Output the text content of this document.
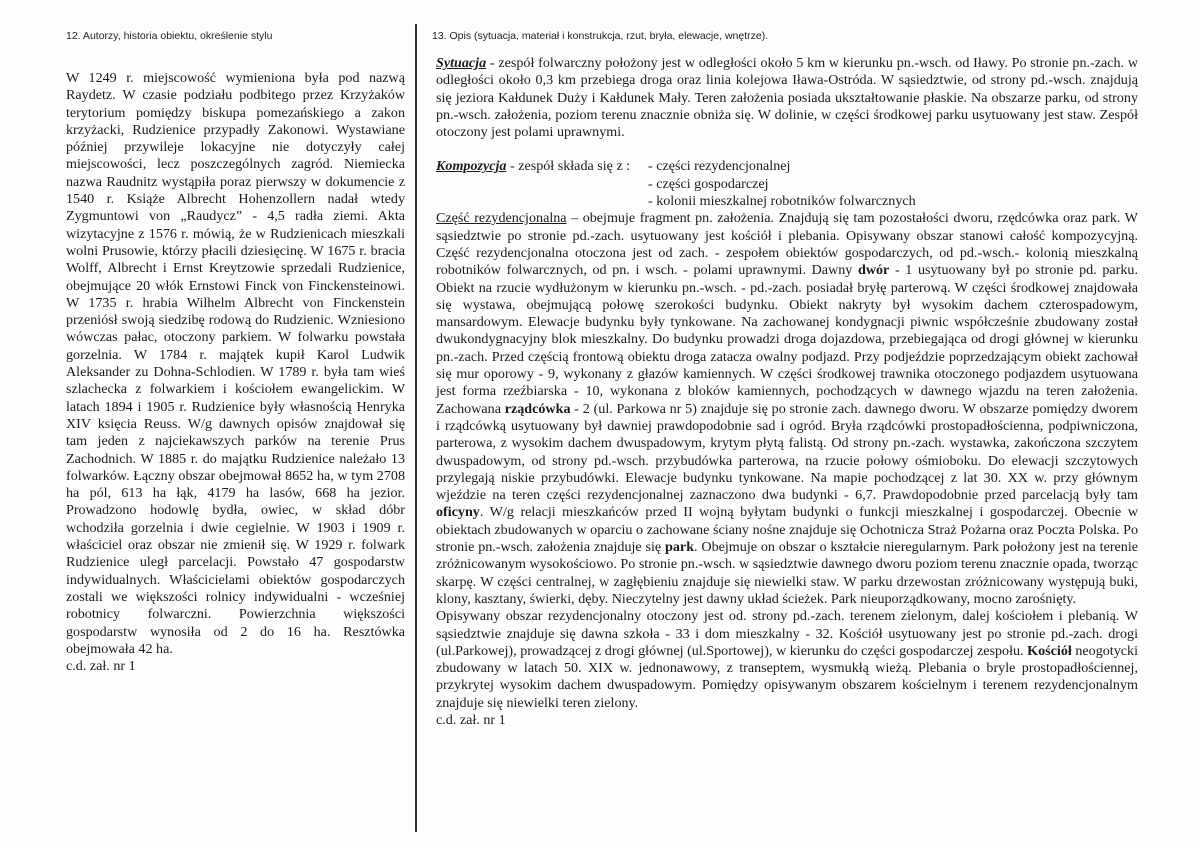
12. Autorzy, historia obiektu, określenie stylu	13. Opis (sytuacja, materiał i konstrukcja, rzut, bryła, elewacje, wnętrze).

W 1249 r. miejscowość wymieniona była pod nazwą Raydetz. W czasie podziału podbitego przez Krzyżaków terytorium pomiędzy biskupa pomezańskiego a zakon krzyżacki, Rudzienice przypadły Zakonowi. Wystawiane później przywileje lokacyjne nie dotyczyły całej miejscowości, lecz poszczególnych zagród. Niemiecka nazwa Raudnitz wystąpiła poraz pierwszy w dokumencie z 1540 r. Książe Albrecht Hohenzollern nadał wtedy Zygmuntowi von „Raudycz” - 4,5 radła ziemi. Akta wizytacyjne z 1576 r. mówią, że w Rudzienicach mieszkali wolni Prusowie, którzy płacili dziesięcinę. W 1675 r. bracia Wolff, Albrecht i Ernst Kreytzowie sprzedali Rudzienice, obejmujące 20 włók Ernstowi Finck von Finckensteinowi. W 1735 r. hrabia Wilhelm Albrecht von Finckenstein przeniósł swoją siedzibę rodową do Rudzienic. Wzniesiono wówczas pałac, otoczony parkiem. W folwarku powstała gorzelnia. W 1784 r. majątek kupił Karol Ludwik Aleksander zu Dohna-Schlodien. W 1789 r. była tam wieś szlachecka z folwarkiem i kościołem ewangelickim. W latach 1894 i 1905 r. Rudzienice były własnością Henryka XIV księcia Reuss. W/g dawnych opisów znajdował się tam jeden z najciekawszych parków na terenie Prus Zachodnich. W 1885 r. do majątku Rudzienice należało 13 folwarków. Łączny obszar obejmował 8652 ha, w tym 2708 ha pól, 613 ha łąk, 4179 ha lasów, 668 ha jezior. Prowadzono hodowlę bydła, owiec, w skład dóbr wchodziła gorzelnia i dwie cegielnie. W 1903 i 1909 r. właściciel oraz obszar nie zmienił się. W 1929 r. folwark Rudzienice uległ parcelacji. Powstało 47 gospodarstw indywidualnych. Właścicielami obiektów gospodarczych zostali we większości rolnicy indywidualni - wcześniej robotnicy folwarczni. Powierzchnia większości gospodarstw wynosiła od 2 do 16 ha. Resztówka obejmowała 42 ha.

c.d. zał. nr 1

Sytuacja - zespół folwarczny położony jest w odległości około 5 km w kierunku pn.-wsch. od Iławy. Po stronie pn.-zach. w odległości około 0,3 km przebiega droga oraz linia kolejowa Iława-Ostróda. W sąsiedztwie, od strony pd.-wsch. znajdują się jeziora Kałdunek Duży i Kałdunek Mały. Teren założenia posiada ukształtowanie płaskie. Na obszarze parku, od strony pn.-wsch. założenia, poziom terenu znacznie obniża się. W dolinie, w części środkowej parku usytuowany jest staw. Zespół otoczony jest polami uprawnymi.

Kompozycja - zespół składa się z : - części rezydencjonalnej
- części gospodarczej
- kolonii mieszkalnej robotników folwarcznych

Część rezydencjonalna – obejmuje fragment pn. założenia. Znajdują się tam pozostałości dworu, rzędcówka oraz park. W sąsiedztwie po stronie pd.-zach. usytuowany jest kościół i plebania. Opisywany obszar stanowi całość kompozycyjną. Część rezydencjonalna otoczona jest od zach. - zespołem obiektów gospodarczych, od pd.-wsch.- kolonią mieszkalną robotników folwarcznych, od pn. i wsch. - polami uprawnymi. Dawny dwór - 1 usytuowany był po stronie pd. parku. Obiekt na rzucie wydłużonym w kierunku pn.-wsch. - pd.-zach. posiadał bryłę parterową. W części środkowej znajdowała się wystawa, obejmującą połowę szerokości budynku. Obiekt nakryty był wysokim dachem czterospadowym, mansardowym. Elewacje budynku były tynkowane. Na zachowanej kondygnacji piwnic współcześnie zbudowany został dwukondygnacyjny blok mieszkalny. Do budynku prowadzi droga dojazdowa, przebiegająca od drogi głównej w kierunku pn.-zach. Przed częścią frontową obiektu droga zatacza owalny podjazd. Przy podjeździe poprzedzającym obiekt zachował się mur oporowy - 9, wykonany z głazów kamiennych. W części środkowej trawnika otoczonego podjazdem usytuowana jest forma rzeźbiarska - 10, wykonana z bloków kamiennych, pochodzących w dawnego wjazdu na teren założenia. Zachowana rządcówka - 2 (ul. Parkowa nr 5) znajduje się po stronie zach. dawnego dworu. W obszarze pomiędzy dworem i rządcówką usytuowany był dawniej prawdopodobnie sad i ogród. Bryła rządcówki prostopadłościenna, podpiwniczona, parterowa, z wysokim dachem dwuspadowym, krytym płytą falistą. Od strony pn.-zach. wystawka, zakończona szczytem dwuspadowym, od strony pd.-wsch. przybudówka parterowa, na rzucie połowy ośmioboku. Do elewacji szczytowych przylegają niskie przybudówki. Elewacje budynku tynkowane. Na mapie pochodzącej z lat 30. XX w. przy głównym wjeździe na teren części rezydencjonalnej zaznaczono dwa budynki - 6,7. Prawdopodobnie przed parcelacją były tam oficyny. W/g relacji mieszkańców przed II wojną byłytam budynki o funkcji mieszkalnej i gospodarczej. Obecnie w obiektach zbudowanych w oparciu o zachowane ściany nośne znajduje się Ochotnicza Straż Pożarna oraz Poczta Polska. Po stronie pn.-wsch. założenia znajduje się park. Obejmuje on obszar o kształcie nieregularnym. Park położony jest na terenie zróżnicowanym wysokościowo. Po stronie pn.-wsch. w sąsiedztwie dawnego dworu poziom terenu znacznie opada, tworząc skarpę. W części centralnej, w zagłębieniu znajduje się niewielki staw. W parku drzewostan zróżnicowany występują buki, klony, kasztany, świerki, dęby. Nieczytelny jest dawny układ ścieżek. Park nieuporządkowany, mocno zarośnięty.

Opisywany obszar rezydencjonalny otoczony jest od. strony pd.-zach. terenem zielonym, dalej kościołem i plebanią. W sąsiedztwie znajduje się dawna szkoła - 33 i dom mieszkalny - 32. Kościół usytuowany jest po stronie pd.-zach. drogi (ul.Parkowej), prowadzącej z drogi głównej (ul.Sportowej), w kierunku do części gospodarczej zespołu. Kościół neogotycki zbudowany w latach 50. XIX w. jednonawowy, z transeptem, wysmukłą wieżą. Plebania o bryle prostopadłościennej, przykrytej wysokim dachem dwuspadowym. Pomiędzy opisywanym obszarem kościelnym i terenem rezydencjonalnym znajduje się niewielki teren zielony.

c.d. zał. nr 1
